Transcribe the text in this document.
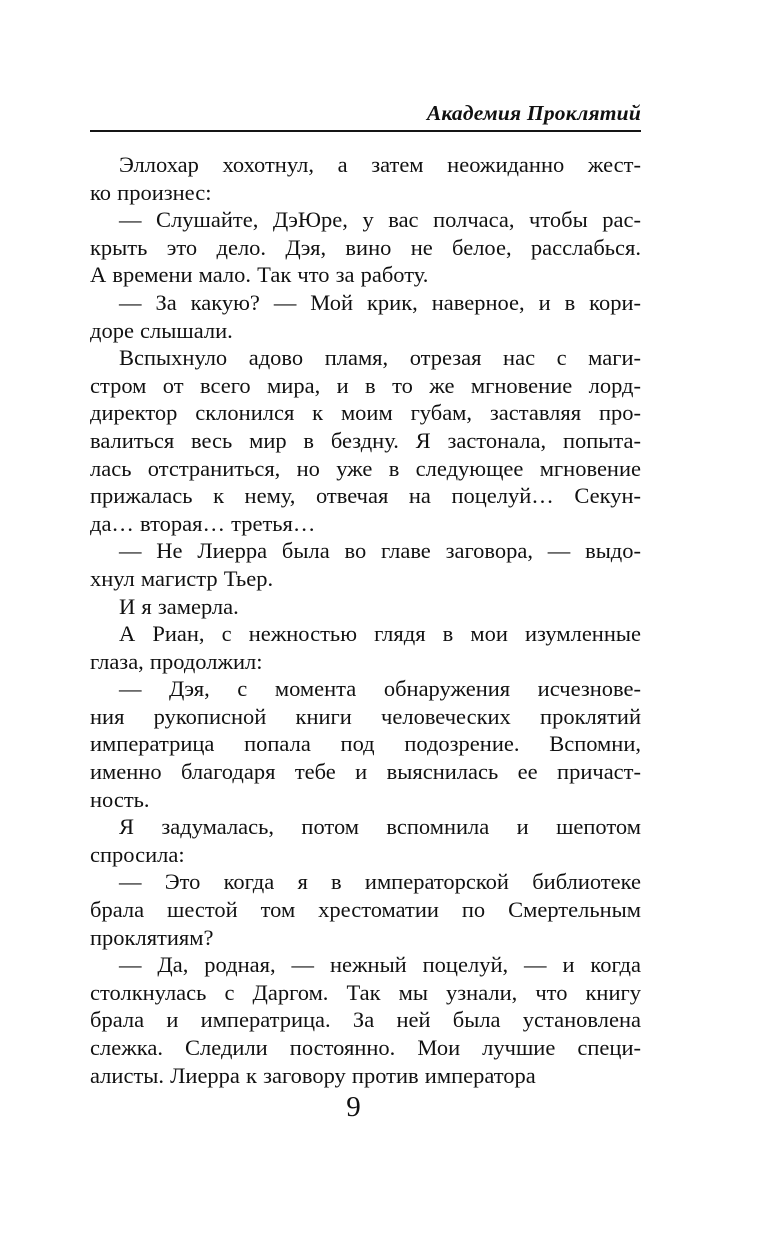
Академия Проклятий

Эллохар хохотнул, а затем неожиданно жест-
ко произнес:

— Слушайте, ДэЮре, у вас полчаса, чтобы рас-
крыть это дело. Дэя, вино не белое, расслабься.
А времени мало. Так что за работу.

— За какую? — Мой крик, наверное, и в кори-
доре слышали.

Вспыхнуло адово пламя, отрезая нас с маги-
стром от всего мира, и в то же мгновение лорд-
директор склонился к моим губам, заставляя про-
валиться весь мир в бездну. Я застонала, попыта-
лась отстраниться, но уже в следующее мгновение
прижалась к нему, отвечая на поцелуй… Секун-
да… вторая… третья…

— Не Лиерра была во главе заговора, — выдо-
хнул магистр Тьер.

И я замерла.

А Риан, с нежностью глядя в мои изумленные
глаза, продолжил:

— Дэя, с момента обнаружения исчезнове-
ния рукописной книги человеческих проклятий
императрица попала под подозрение. Вспомни,
именно благодаря тебе и выяснилась ее причаст-
ность.

Я задумалась, потом вспомнила и шепотом
спросила:

— Это когда я в императорской библиотеке
брала шестой том хрестоматии по Смертельным
проклятиям?

— Да, родная, — нежный поцелуй, — и когда
столкнулась с Даргом. Так мы узнали, что книгу
брала и императрица. За ней была установлена
слежка. Следили постоянно. Мои лучшие специ-
алисты. Лиерра к заговору против императора

9
